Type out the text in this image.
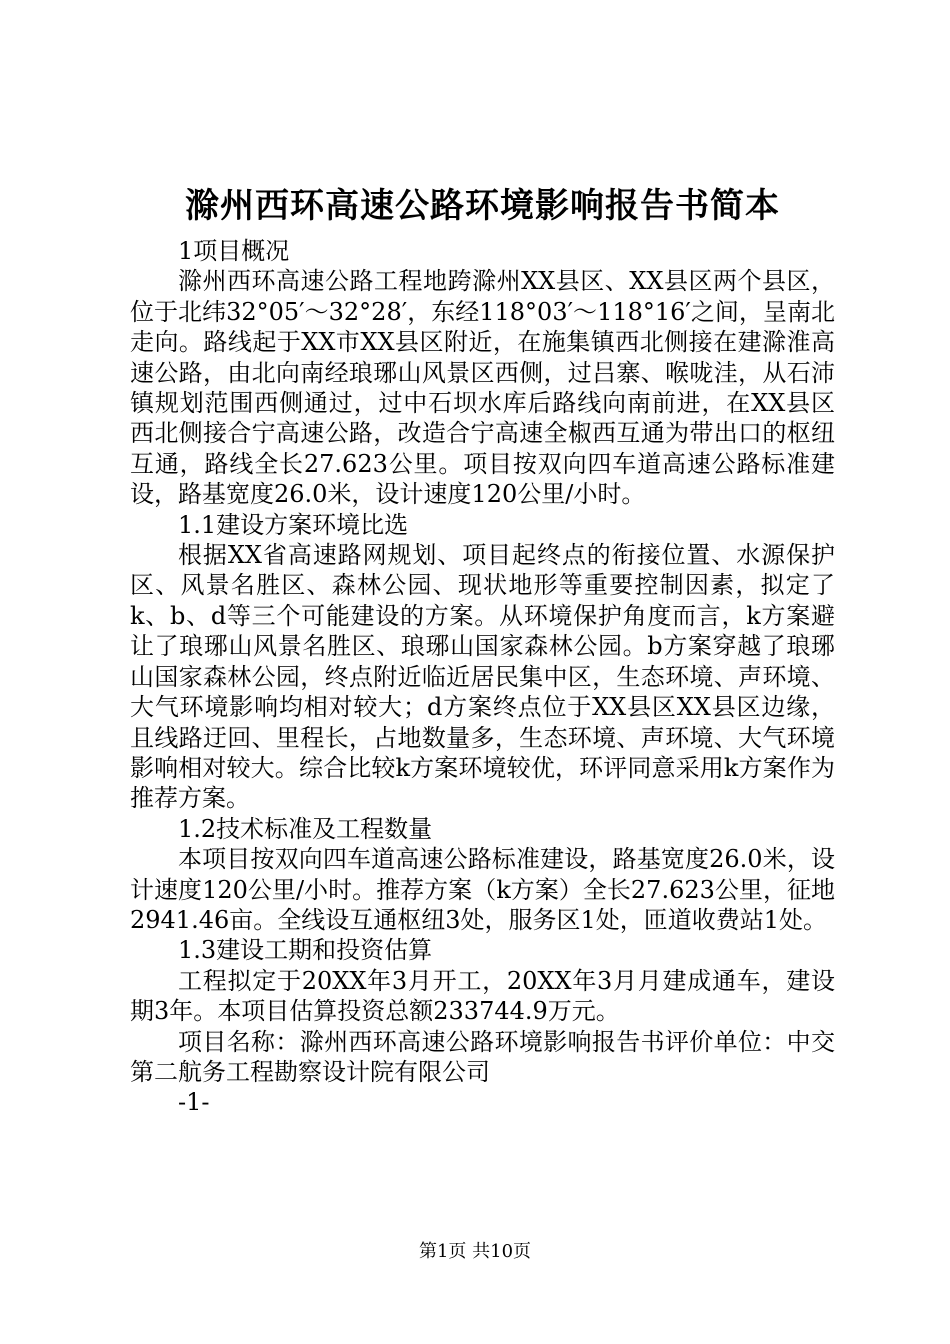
滁州西环高速公路环境影响报告书简本

1项目概况

滁州西环高速公路工程地跨滁州XX县区、XX县区两个县区，位于北纬32°05′～32°28′，东经118°03′～118°16′之间，呈南北走向。路线起于XX市XX县区附近，在施集镇西北侧接在建滁淮高速公路，由北向南经琅琊山风景区西侧，过吕寨、喉咙洼，从石沛镇规划范围西侧通过，过中石坝水库后路线向南前进，在XX县区西北侧接合宁高速公路，改造合宁高速全椒西互通为带出口的枢纽互通，路线全长27.623公里。项目按双向四车道高速公路标准建设，路基宽度26.0米，设计速度120公里/小时。

1.1建设方案环境比选

根据XX省高速路网规划、项目起终点的衔接位置、水源保护区、风景名胜区、森林公园、现状地形等重要控制因素，拟定了k、b、d等三个可能建设的方案。从环境保护角度而言，k方案避让了琅琊山风景名胜区、琅琊山国家森林公园。b方案穿越了琅琊山国家森林公园，终点附近临近居民集中区，生态环境、声环境、大气环境影响均相对较大；d方案终点位于XX县区XX县区边缘，且线路迂回、里程长，占地数量多，生态环境、声环境、大气环境影响相对较大。综合比较k方案环境较优，环评同意采用k方案作为推荐方案。

1.2技术标准及工程数量

本项目按双向四车道高速公路标准建设，路基宽度26.0米，设计速度120公里/小时。推荐方案（k方案）全长27.623公里，征地2941.46亩。全线设互通枢纽3处，服务区1处，匝道收费站1处。

1.3建设工期和投资估算

工程拟定于20XX年3月开工，20XX年3月月建成通车，建设期3年。本项目估算投资总额233744.9万元。

项目名称：滁州西环高速公路环境影响报告书评价单位：中交第二航务工程勘察设计院有限公司

-1-

第1页 共10页
